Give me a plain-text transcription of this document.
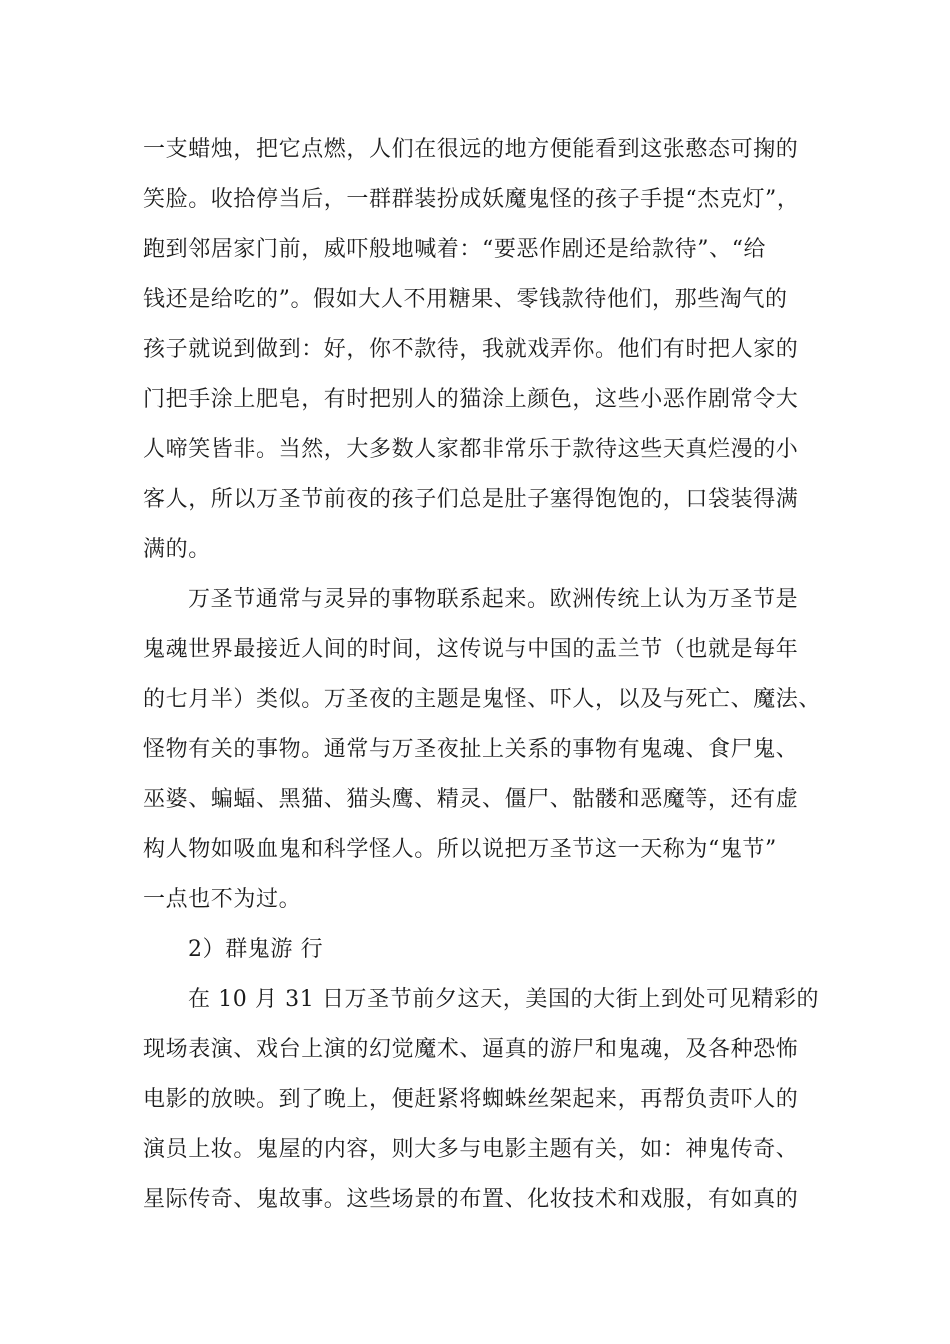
一支蜡烛，把它点燃，人们在很远的地方便能看到这张憨态可掬的
笑脸。收拾停当后，一群群装扮成妖魔鬼怪的孩子手提“杰克灯”，
跑到邻居家门前，威吓般地喊着：“要恶作剧还是给款待”、“给
钱还是给吃的”。假如大人不用糖果、零钱款待他们，那些淘气的
孩子就说到做到：好，你不款待，我就戏弄你。他们有时把人家的
门把手涂上肥皂，有时把别人的猫涂上颜色，这些小恶作剧常令大
人啼笑皆非。当然，大多数人家都非常乐于款待这些天真烂漫的小
客人，所以万圣节前夜的孩子们总是肚子塞得饱饱的，口袋装得满
满的。
万圣节通常与灵异的事物联系起来。欧洲传统上认为万圣节是
鬼魂世界最接近人间的时间，这传说与中国的盂兰节（也就是每年
的七月半）类似。万圣夜的主题是鬼怪、吓人，以及与死亡、魔法、
怪物有关的事物。通常与万圣夜扯上关系的事物有鬼魂、食尸鬼、
巫婆、蝙蝠、黑猫、猫头鹰、精灵、僵尸、骷髅和恶魔等，还有虚
构人物如吸血鬼和科学怪人。所以说把万圣节这一天称为“鬼节”
一点也不为过。
2）群鬼游 行
在 10 月 31 日万圣节前夕这天，美国的大街上到处可见精彩的
现场表演、戏台上演的幻觉魔术、逼真的游尸和鬼魂，及各种恐怖
电影的放映。到了晚上，便赶紧将蜘蛛丝架起来，再帮负责吓人的
演员上妆。鬼屋的内容，则大多与电影主题有关，如：神鬼传奇、
星际传奇、鬼故事。这些场景的布置、化妆技术和戏服，有如真的
